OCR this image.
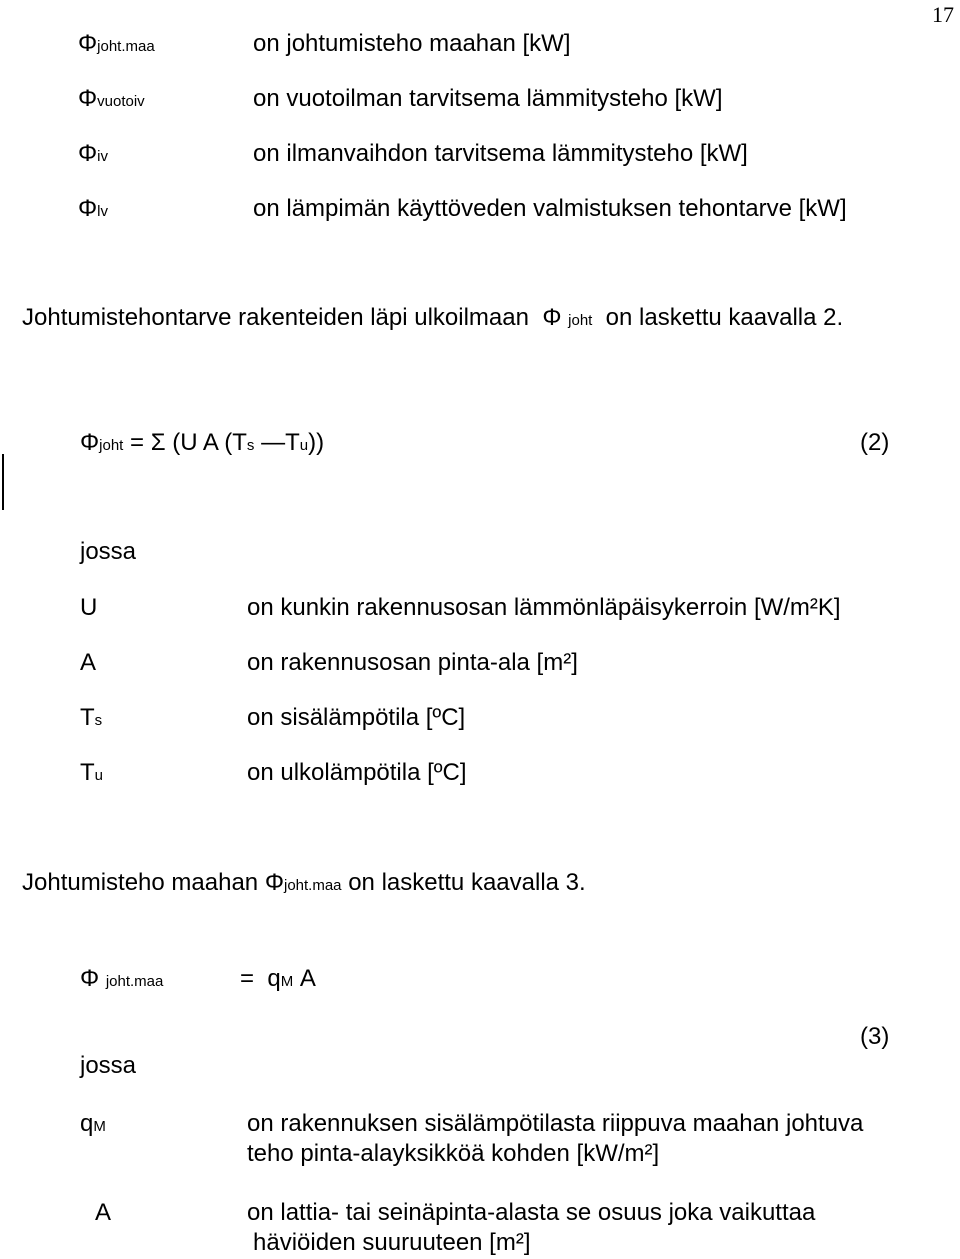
17
Φjoht.maa	on johtumisteho maahan [kW]
Φvuotoiv	on vuotoilman tarvitsema lämmitysteho [kW]
Φiv	on ilmanvaihdon tarvitsema lämmitysteho [kW]
Φlv	on lämpimän käyttöveden valmistuksen tehontarve [kW]
Johtumistehontarve rakenteiden läpi ulkoilmaan Φ joht on laskettu kaavalla 2.
Φjoht = Σ (U A (Ts —Tu))	(2)
jossa
U	on kunkin rakennusosan lämmönläpäisykerroin [W/m²K]
A	on rakennusosan pinta-ala [m²]
Ts	on sisälämpötila [ºC]
Tu	on ulkolämpötila [ºC]
Johtumisteho maahan Φjoht.maa on laskettu kaavalla 3.
Φ joht.maa	= qM A
(3)
jossa
qM	on rakennuksen sisälämpötilasta riippuva maahan johtuva
teho pinta-alayksikköä kohden [kW/m²]
A	on lattia- tai seinäpinta-alasta se osuus joka vaikuttaa
häviöiden suuruuteen [m²]
